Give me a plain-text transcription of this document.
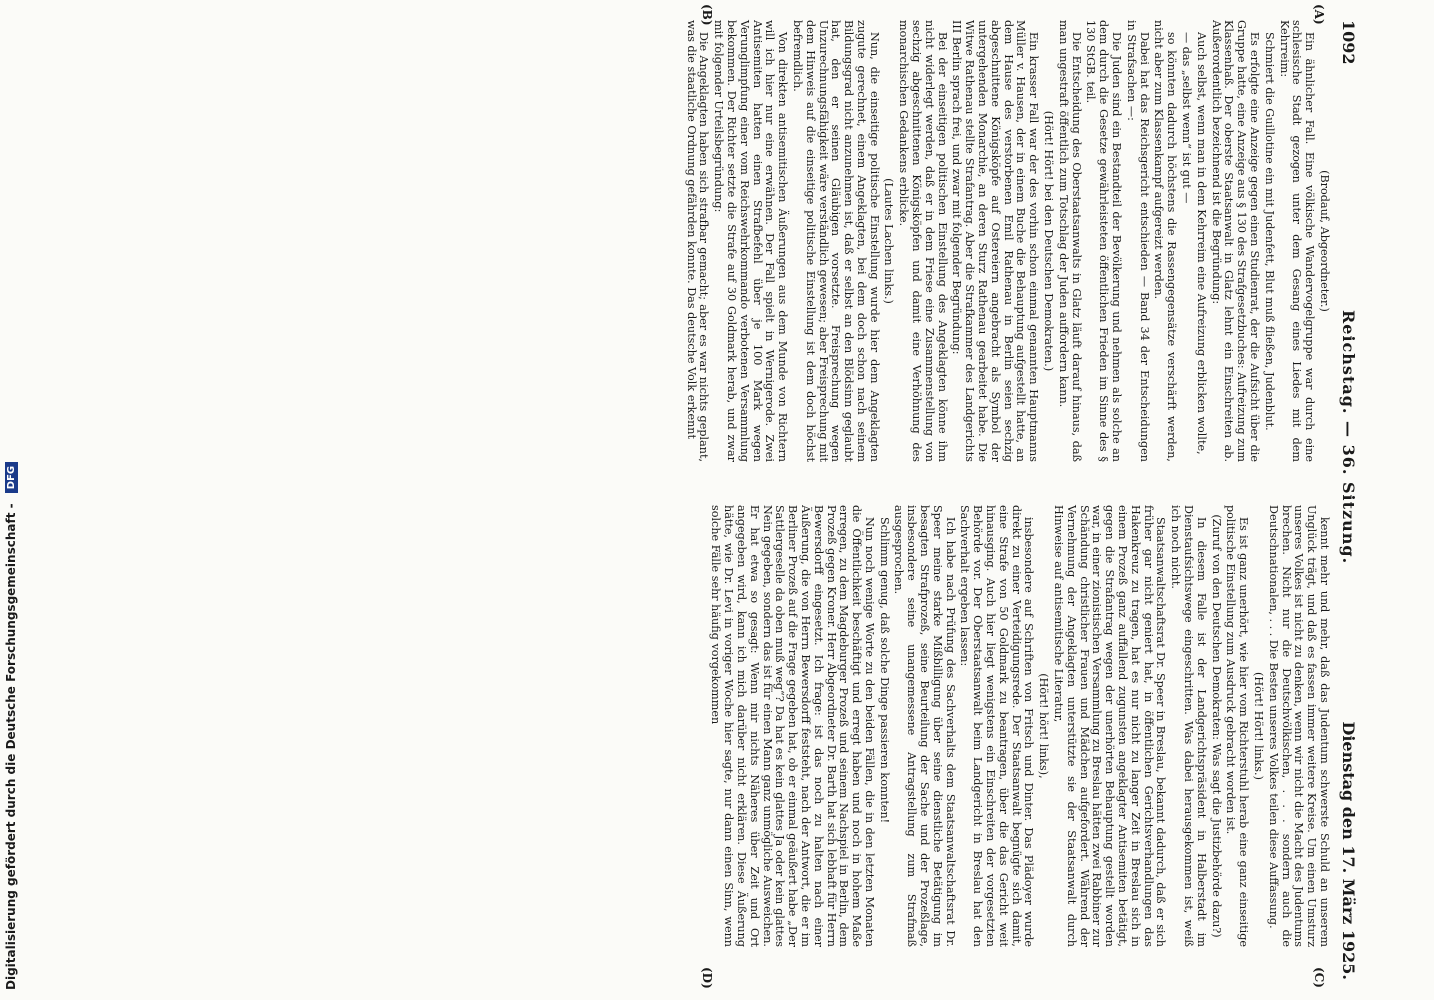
1092
Reichstag. — 36. Sitzung.
Dienstag den 17. März 1925.
(A)
(B)
(C)
(D)

(Brodauf, Abgeordneter.)

Ein ähnlicher Fall. Eine völkische Wandervogelgruppe war durch eine schlesische Stadt gezogen unter dem Gesang eines Liedes mit dem Kehrreim:

Schmiert die Guillotine ein mit Judenfett, Blut muß fließen, Judenblut.

Es erfolgte eine Anzeige gegen einen Studienrat, der die Aufsicht über die Gruppe hatte, eine Anzeige aus § 130 des Strafgesetzbuches: Aufreizung zum Klassenhaß. Der oberste Staatsanwalt in Glatz lehnt ein Einschreiten ab. Außerordentlich bezeichnend ist die Begründung:

Auch selbst, wenn man in dem Kehrreim eine Aufreizung erblicken wollte,

— das „selbst wenn“ ist gut —

so könnten dadurch höchstens die Rassengegensätze verschärft werden, nicht aber zum Klassenkampf aufgereizt werden.

Dabei hat das Reichsgericht entschieden — Band 34 der Entscheidungen in Strafsachen —:

Die Juden sind ein Bestandteil der Bevölkerung und nehmen als solche an dem durch die Gesetze gewährleisteten öffentlichen Frieden im Sinne des § 130 StGB. teil.

Die Entscheidung des Oberstaatsanwalts in Glatz läuft darauf hinaus, daß man ungestraft öffentlich zum Totschlag der Juden auffordern kann.

(Hört! Hört! bei den Deutschen Demokraten.)

Ein krasser Fall war der des vorhin schon einmal genannten Hauptmanns Müller v. Hausen, der in einem Buche die Behauptung aufgestellt hatte, an dem Hause des verstorbenen Emil Rathenau in Berlin seien sechzig abgeschnittene Königsköpfe auf Ostereiern angebracht als Symbol der untergehenden Monarchie, an deren Sturz Rathenau gearbeitet habe. Die Witwe Rathenau stellte Strafantrag. Aber die Strafkammer des Landgerichts III Berlin sprach frei, und zwar mit folgender Begründung:

Bei der einseitigen politischen Einstellung des Angeklagten könne ihm nicht widerlegt werden, daß er in dem Friese eine Zusammenstellung von sechzig abgeschnittenen Königsköpfen und damit eine Verhöhnung des monarchischen Gedankens erblicke.

(Lautes Lachen links.)

Nun, die einseitige politische Einstellung wurde hier dem Angeklagten zugute gerechnet, einem Angeklagten, bei dem doch schon nach seinem Bildungsgrad nicht anzunehmen ist, daß er selbst an den Blödsinn geglaubt hat, den er seinen Gläubigen vorsetzte. Freisprechung wegen Unzurechnungsfähigkeit wäre verständlich gewesen; aber Freisprechung mit dem Hinweis auf die einseitige politische Einstellung ist dem doch höchst befremdlich.

Von direkten antisemitischen Äußerungen aus dem Munde von Richtern will ich hier nur eine erwähnen. Der Fall spielt in Wernigerode. Zwei Antisemiten hatten einen Strafbefehl über je 100 Mark wegen Verunglimpfung einer vom Reichswehrkommando verbotenen Versammlung bekommen. Der Richter setzte die Strafe auf 30 Goldmark herab, und zwar mit folgender Urteilsbegründung:

Die Angeklagten haben sich strafbar gemacht; aber es war nichts geplant, was die staatliche Ordnung gefährden konnte. Das deutsche Volk erkennt

kennt mehr und mehr, daß das Judentum schwerste Schuld an unserem Unglück trägt, und daß es fassen immer weitere Kreise. Um einen Umsturz unseres Volkes ist nicht zu denken, wenn wir nicht die Macht des Judentums brechen. Nicht nur die Deutschvölkischen, . . . sondern auch die Deutschnationalen, . . . Die Besten unseres Volkes teilen diese Auffassung.

(Hört! Hört! links.)

Es ist ganz unerhört, wie hier vom Richterstuhl herab eine ganz einseitige politische Einstellung zum Ausdruck gebracht worden ist.

(Zuruf von den Deutschen Demokraten: Was sagt die Justizbehörde dazu?)

In diesem Falle ist der Landgerichtspräsident in Halberstadt im Dienstaufsichtswege eingeschritten. Was dabei herausgekommen ist, weiß ich noch nicht.

Staatsanwaltschaftsrat Dr. Speer in Breslau, bekannt dadurch, daß er sich früher gar nicht geniert hat, in öffentlichen Gerichtsverhandlungen das Hakenkreuz zu tragen, hat es nur nicht zu langer Zeit in Breslau sich in einem Prozeß ganz auffallend zugunsten angeklagter Antisemiten betätigt, gegen die Strafantrag wegen der unerhörten Behauptung gestellt worden war, in einer zionistischen Versammlung zu Breslau hätten zwei Rabbiner zur Schändung christlicher Frauen und Mädchen aufgefordert. Während der Vernehmung der Angeklagten unterstützte sie der Staatsanwalt durch Hinweise auf antisemitische Literatur,

(Hört! hört! links),

insbesondere auf Schriften von Fritsch und Dinter. Das Plädoyer wurde direkt zu einer Verteidigungsrede. Der Staatsanwalt begnügte sich damit, eine Strafe von 50 Goldmark zu beantragen, über die das Gericht weit hinausging. Auch hier liegt wenigstens ein Einschreiten der vorgesetzten Behörde vor. Der Oberstaatsanwalt beim Landgericht in Breslau hat den Sachverhalt ergeben lassen:

Ich habe nach Prüfung des Sachverhalts dem Staatsanwaltschaftsrat Dr. Speer meine starke Mißbilligung über seine dienstliche Betätigung im besagten Strafprozeß, seine Beurteilung der Sache und der Prozeßlage, insbesondere seine unangemessene Antragstellung zum Strafmaß ausgesprochen.

Schlimm genug, daß solche Dinge passieren konnten!

Nun noch wenige Worte zu den beiden Fällen, die in den letzten Monaten die Öffentlichkeit beschäftigt und erregt haben und noch in hohem Maße erregen, zu dem Magdeburger Prozeß und seinem Nachspiel in Berlin, dem Prozeß gegen Kroner. Herr Abgeordneter Dr. Barth hat sich lebhaft für Herrn Bewersdorff eingesetzt. Ich frage: ist das noch zu halten nach einer Äußerung, die von Herrn Bewersdorff feststeht, nach der Antwort, die er im Berliner Prozeß auf die Frage gegeben hat, ob er einmal geäußert habe „Der Sattlergeselle da oben muß weg“? Da hat es kein glattes Ja oder kein glattes Nein gegeben, sondern das ist für einen Mann ganz unmögliche Ausweichen. Er hat etwa so gesagt: Wenn mir nichts Näheres über Zeit und Ort angegeben wird, kann ich mich darüber nicht erklären. Diese Äußerung hätte, wie Dr. Levi in voriger Woche hier sagte, nur dann einen Sinn, wenn solche Fälle sehr häufig vorgekommen

Digitalisierung gefördert durch die Deutsche Forschungsgemeinschaft - DFG
